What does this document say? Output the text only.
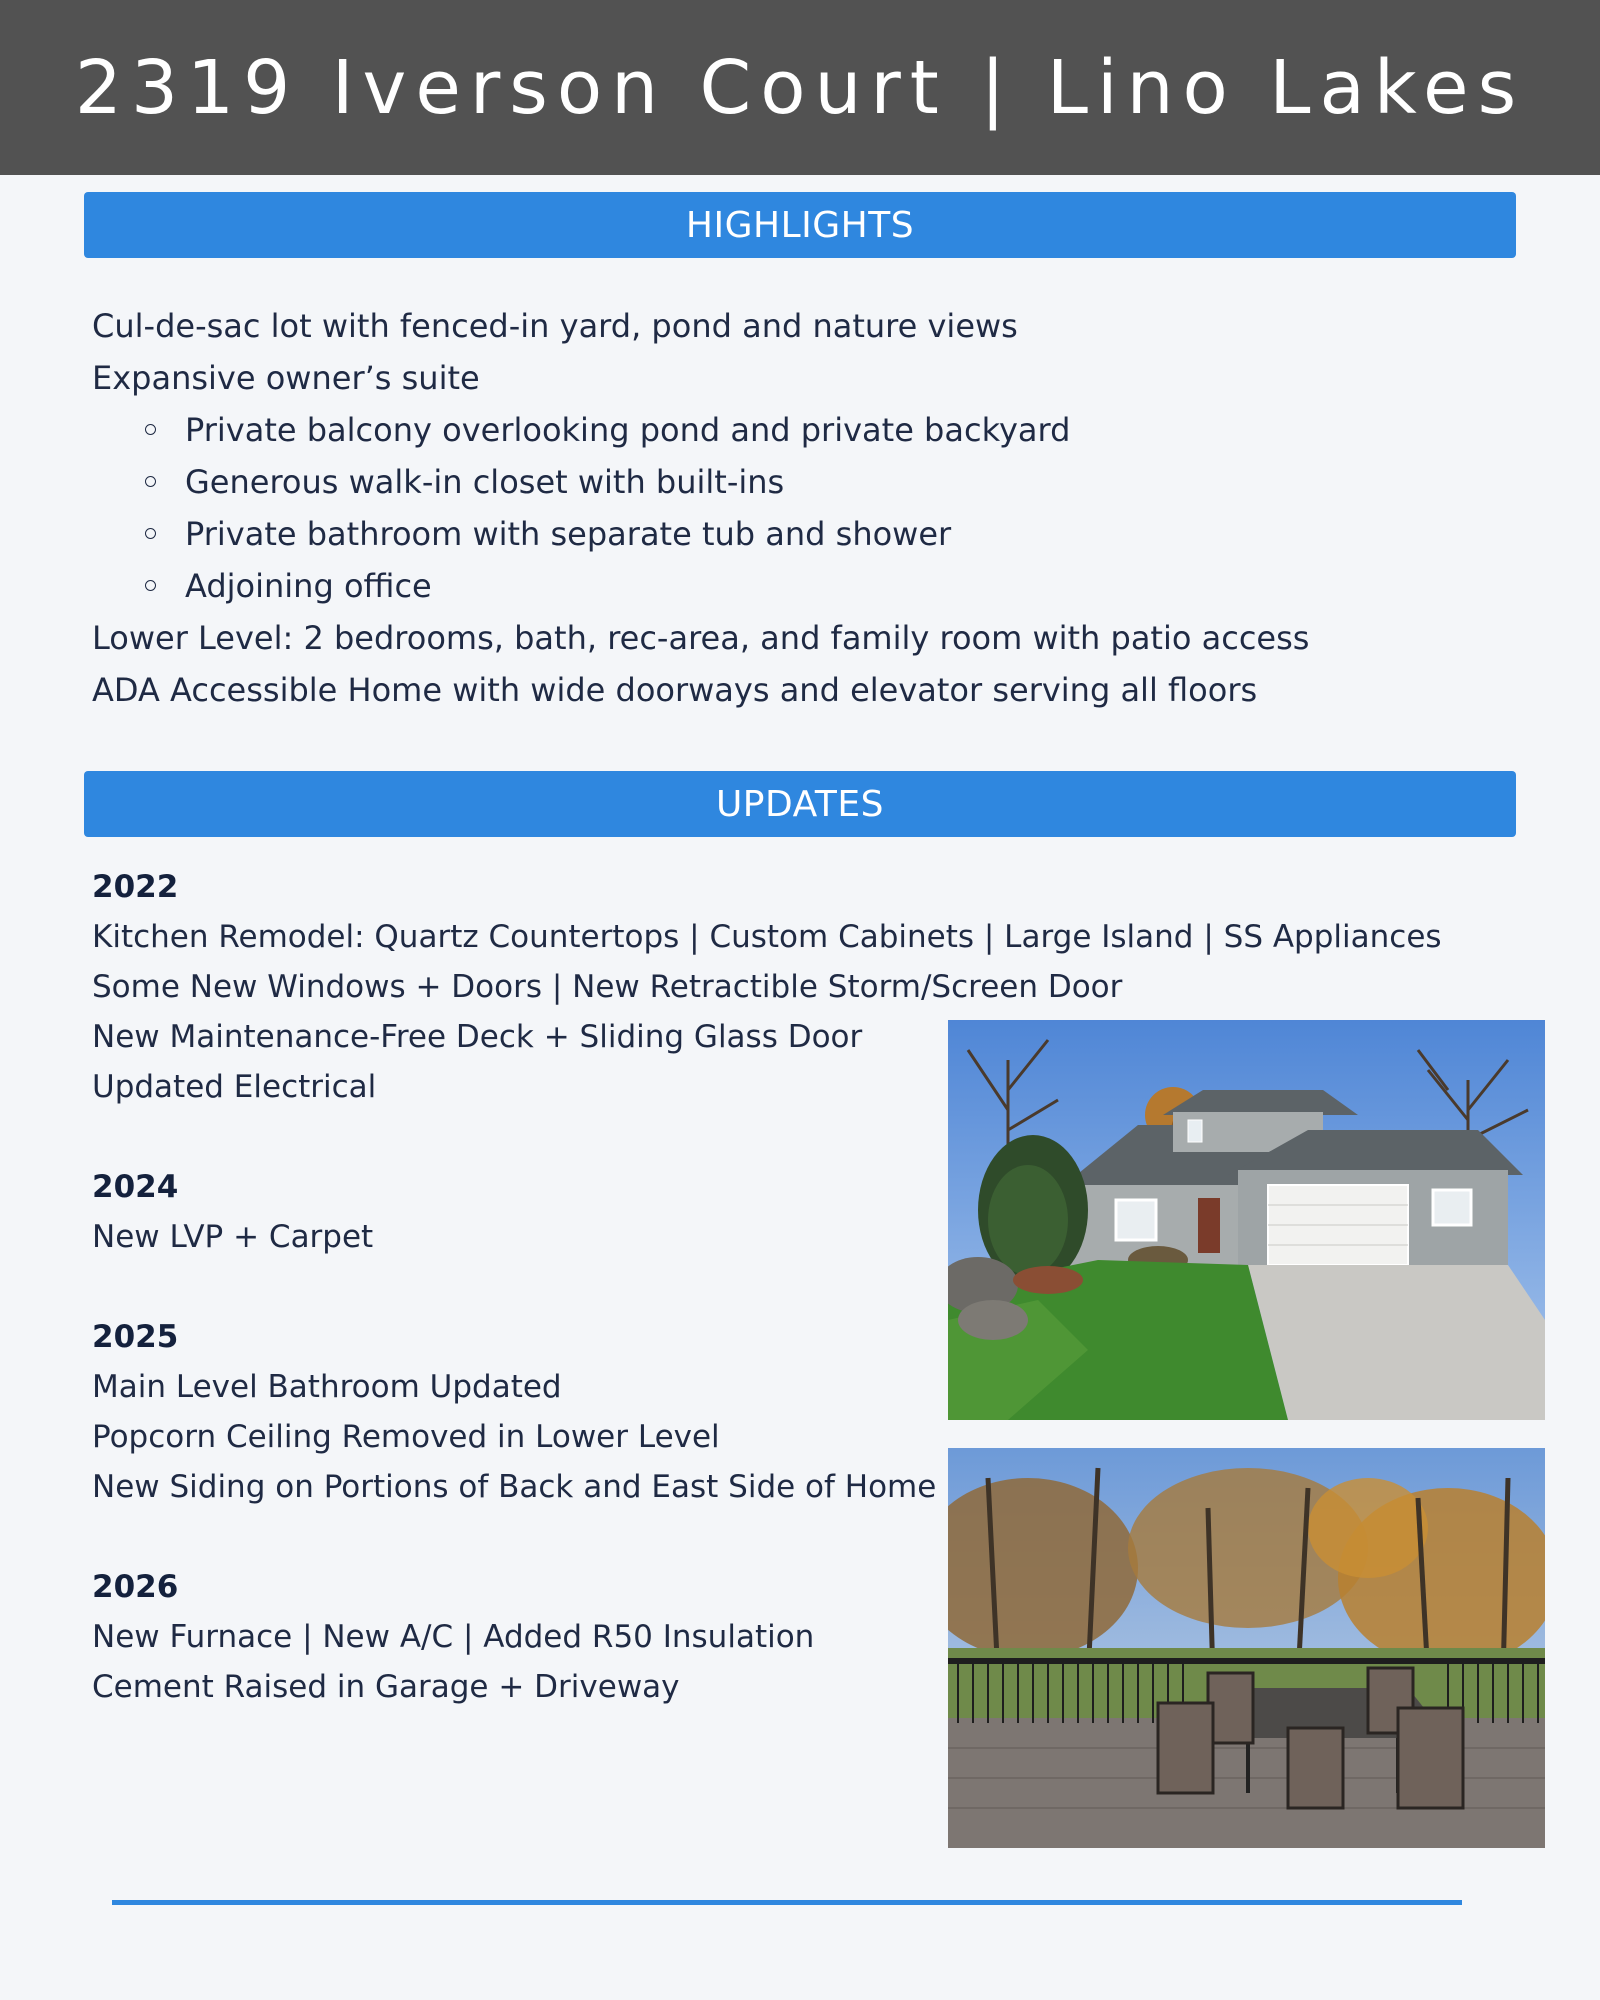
2319 Iverson Court | Lino Lakes
HIGHLIGHTS
Cul-de-sac lot with fenced-in yard, pond and nature views
Expansive owner’s suite
Private balcony overlooking pond and private backyard
Generous walk-in closet with built-ins
Private bathroom with separate tub and shower
Adjoining office
Lower Level: 2 bedrooms, bath, rec-area, and family room with patio access
ADA Accessible Home with wide doorways and elevator serving all floors
UPDATES
2022
Kitchen Remodel: Quartz Countertops | Custom Cabinets | Large Island | SS Appliances
Some New Windows + Doors | New Retractible Storm/Screen Door
New Maintenance-Free Deck + Sliding Glass Door
Updated Electrical
2024
New LVP + Carpet
2025
Main Level Bathroom Updated
Popcorn Ceiling Removed in Lower Level
New Siding on Portions of Back and East Side of Home
2026
New Furnace | New A/C | Added R50 Insulation
Cement Raised in Garage + Driveway
